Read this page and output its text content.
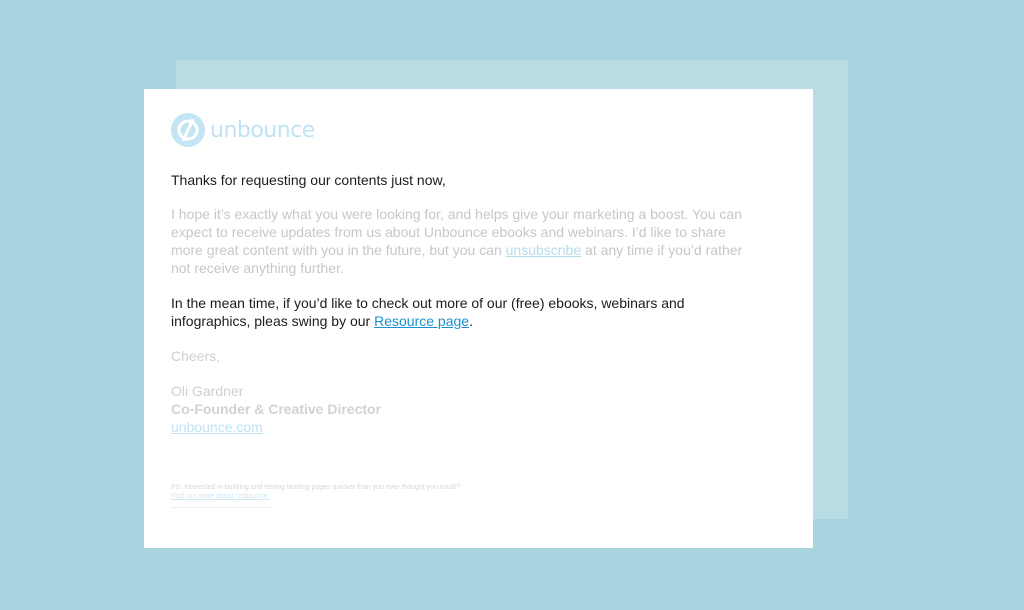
unbounce
Thanks for requesting our contents just now,
I hope it’s exactly what you were looking for, and helps give your marketing a boost. You can expect to receive updates from us about Unbounce ebooks and webinars. I’d like to share more great content with you in the future, but you can unsubscribe at any time if you’d rather not receive anything further.
In the mean time, if you’d like to check out more of our (free) ebooks, webinars and infographics, pleas swing by our Resource page.
Cheers,
Oli Gardner
Co-Founder & Creative Director
unbounce.com
PS: Interested in building and testing landing pages quicker than you ever thought you could?
Find out more about Unbounce.
